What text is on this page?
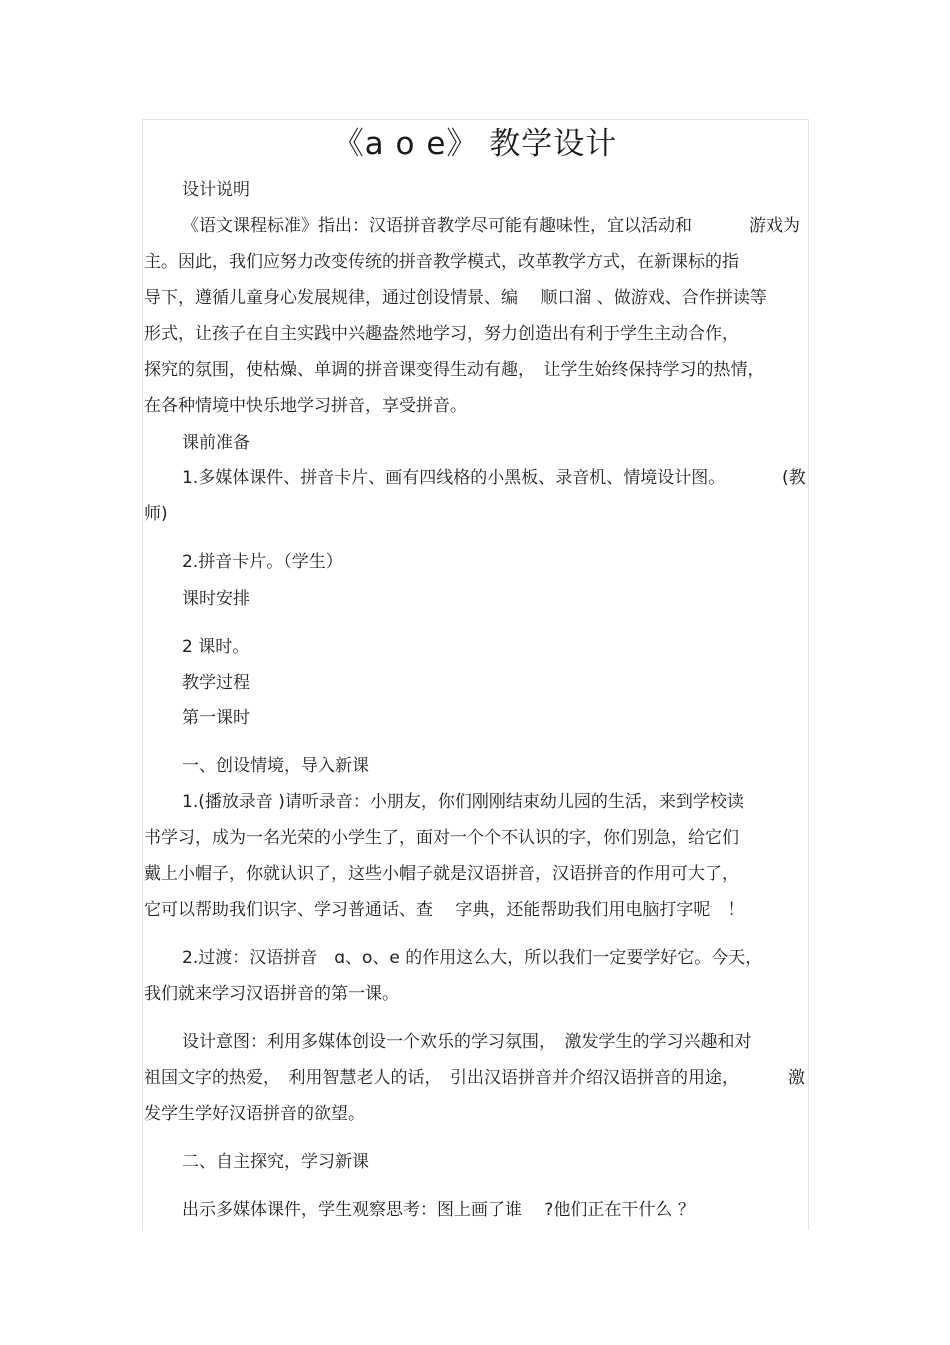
《a o e》 教学设计
设计说明
《语文课程标准》指出：汉语拼音教学尽可能有趣味性，宜以活动和	游戏为
主。因此，我们应努力改变传统的拼音教学模式，改革教学方式，在新课标的指
导下，遵循儿童身心发展规律，通过创设情景、编　 顺口溜 、做游戏、合作拼读等
形式，让孩子在自主实践中兴趣盎然地学习，努力创造出有利于学生主动合作，
探究的氛围，使枯燥、单调的拼音课变得生动有趣，　让学生始终保持学习的热情，
在各种情境中快乐地学习拼音，享受拼音。
课前准备
1.多媒体课件、拼音卡片、画有四线格的小黑板、录音机、情境设计图。	(教
师)
2.拼音卡片。（学生）
课时安排
2 课时。
教学过程
第一课时
一、创设情境，导入新课
1.(播放录音 )请听录音：小朋友，你们刚刚结束幼儿园的生活，来到学校读
书学习，成为一名光荣的小学生了，面对一个个不认识的字，你们别急，给它们
戴上小帽子，你就认识了，这些小帽子就是汉语拼音，汉语拼音的作用可大了，
它可以帮助我们识字、学习普通话、查　 字典，还能帮助我们用电脑打字呢　！
2.过渡：汉语拼音　ɑ、o、e 的作用这么大，所以我们一定要学好它。今天，
我们就来学习汉语拼音的第一课。
设计意图：利用多媒体创设一个欢乐的学习氛围，　激发学生的学习兴趣和对
祖国文字的热爱，　利用智慧老人的话，　引出汉语拼音并介绍汉语拼音的用途，	激
发学生学好汉语拼音的欲望。
二、自主探究，学习新课
出示多媒体课件，学生观察思考：图上画了谁　 ?他们正在干什么 ？
